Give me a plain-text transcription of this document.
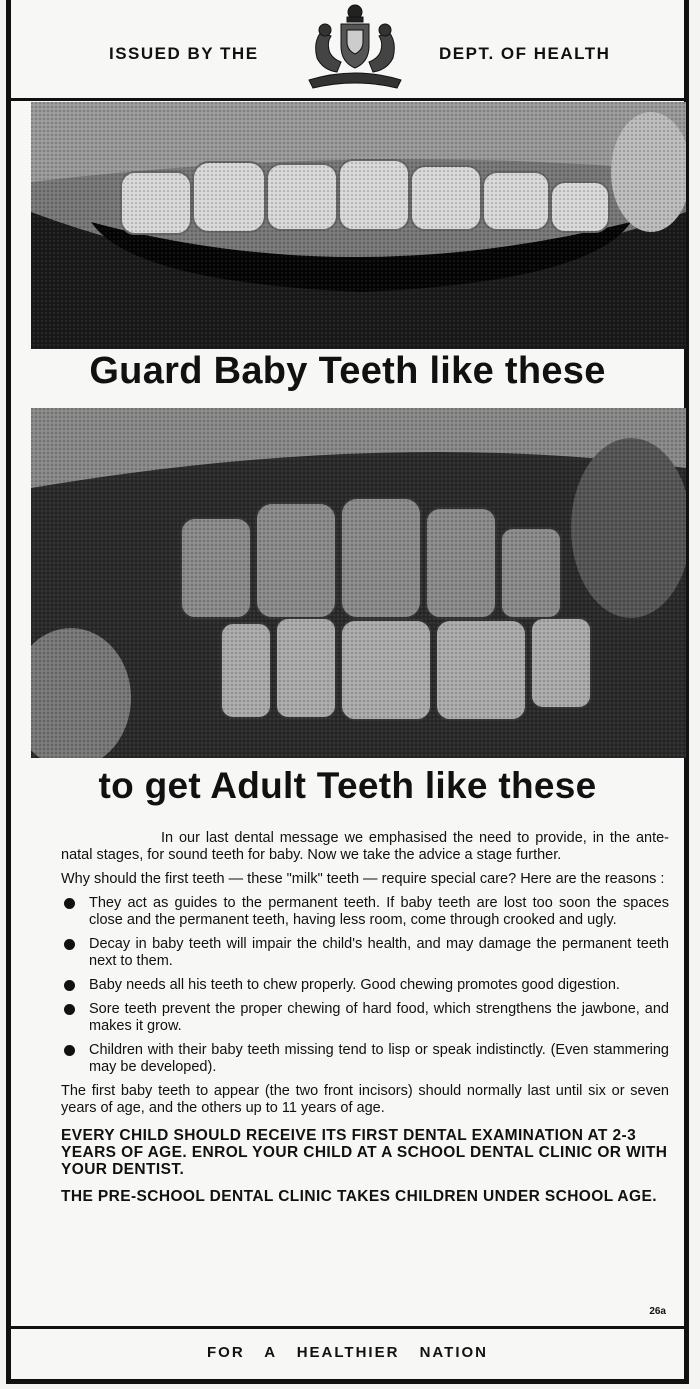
ISSUED BY THE	DEPT. OF HEALTH
Guard Baby Teeth like these
to get Adult Teeth like these

In our last dental message we emphasised the need to provide, in the ante-natal stages, for sound teeth for baby. Now we take the advice a stage further.

Why should the first teeth — these "milk" teeth — require special care? Here are the reasons :

They act as guides to the permanent teeth. If baby teeth are lost too soon the spaces close and the permanent teeth, having less room, come through crooked and ugly.
Decay in baby teeth will impair the child's health, and may damage the permanent teeth next to them.
Baby needs all his teeth to chew properly. Good chewing promotes good digestion.
Sore teeth prevent the proper chewing of hard food, which strengthens the jawbone, and makes it grow.
Children with their baby teeth missing tend to lisp or speak indistinctly. (Even stammering may be developed).

The first baby teeth to appear (the two front incisors) should normally last until six or seven years of age, and the others up to 11 years of age.

EVERY CHILD SHOULD RECEIVE ITS FIRST DENTAL EXAMINATION AT 2-3 YEARS OF AGE. ENROL YOUR CHILD AT A SCHOOL DENTAL CLINIC OR WITH YOUR DENTIST.

THE PRE-SCHOOL DENTAL CLINIC TAKES CHILDREN UNDER SCHOOL AGE.

26a
FOR A HEALTHIER NATION
